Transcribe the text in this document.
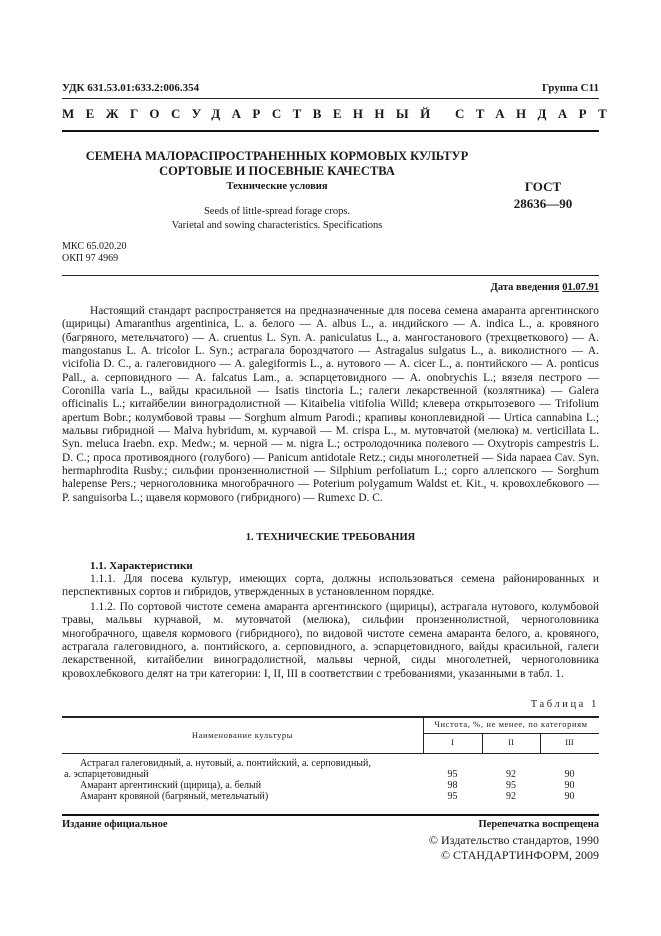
УДК 631.53.01:633.2:006.354	Группа С11
МЕЖГОСУДАРСТВЕННЫЙ СТАНДАРТ
СЕМЕНА МАЛОРАСПРОСТРАНЕННЫХ КОРМОВЫХ КУЛЬТУР
СОРТОВЫЕ И ПОСЕВНЫЕ КАЧЕСТВА
Технические условия	ГОСТ
28636—90
Seeds of little-spread forage crops.
Varietal and sowing characteristics. Specifications
МКС 65.020.20
ОКП 97 4969
Дата введения 01.07.91
Настоящий стандарт распространяется на предназначенные для посева семена амаранта аргентинского (щирицы) Amaranthus argentinica, L. а. белого — A. albus L., а. индийского — A. indica L., а. кровяного (багряного, метельчатого) — A. cruentus L. Syn. A. paniculatus L., а. мангостанового (трехцветкового) — A. mangostanus L. A. tricolor L. Syn.; астрагала бороздчатого — Astragalus sulgatus L., а. виколистного — A. vicifolia D. C., а. галеговидного — A. galegiformis L., а. нутового — A. cicer L., а. понтийского — A. ponticus Pall., а. серповидного — A. falcatus Lam., а. эспарцетовидного — A. onobrychis L.; вязеля пестрого — Coronilla varia L., вайды красильной — Isatis tinctoria L.; галеги лекарственной (козлятника) — Galera officinalis L.; китайбелии виноградолистной — Kitaibelia vitifolia Willd; клевера открытозевого — Trifolium apertum Bobr.; колумбовой травы — Sorghum almum Parodi.; крапивы коноплевидной — Urtica cannabina L.; мальвы гибридной — Malva hybridum, м. курчавой — M. crispa L., м. мутовчатой (мелюка) м. verticillata L. Syn. meluca Iraebn. exp. Medw.; м. черной — м. nigra L.; остролодочника полевого — Oxytropis campestris L. D. C.; проса противоядного (голубого) — Panicum antidotale Retz.; сиды многолетней — Sida napaea Cav. Syn. hermaphrodita Rusby.; сильфии пронзеннолистной — Silphium perfoliatum L.; сорго аллепского — Sorghum halepense Pers.; черноголовника многобрачного — Poterium polygamum Waldst et. Kit., ч. кровохлебкового — P. sanguisorba L.; щавеля кормового (гибридного) — Rumexc D. C.
1. ТЕХНИЧЕСКИЕ ТРЕБОВАНИЯ
1.1. Характеристики
1.1.1. Для посева культур, имеющих сорта, должны использоваться семена районированных и перспективных сортов и гибридов, утвержденных в установленном порядке.
1.1.2. По сортовой чистоте семена амаранта аргентинского (щирицы), астрагала нутового, колумбовой травы, мальвы курчавой, м. мутовчатой (мелюка), сильфии пронзеннолистной, черноголовника многобрачного, щавеля кормового (гибридного), по видовой чистоте семена амаранта белого, а. кровяного, астрагала галеговидного, а. понтийского, а. серповидного, а. эспарцетовидного, вайды красильной, галеги лекарственной, китайбелии виноградолистной, мальвы черной, сиды многолетней, черноголовника кровохлебкового делят на три категории: I, II, III в соответствии с требованиями, указанными в табл. 1.
Таблица 1
Наименование культуры
Чистота, %, не менее, по категориям
I	II	III
Астрагал галеговидный, а. нутовый, а. понтийский, а. серповидный,
а. эспарцетовидный	95	92	90
Амарант аргентинский (щирица), а. белый	98	95	90
Амарант кровяной (багряный, метельчатый)	95	92	90
Издание официальное	Перепечатка воспрещена
© Издательство стандартов, 1990
© СТАНДАРТИНФОРМ, 2009
